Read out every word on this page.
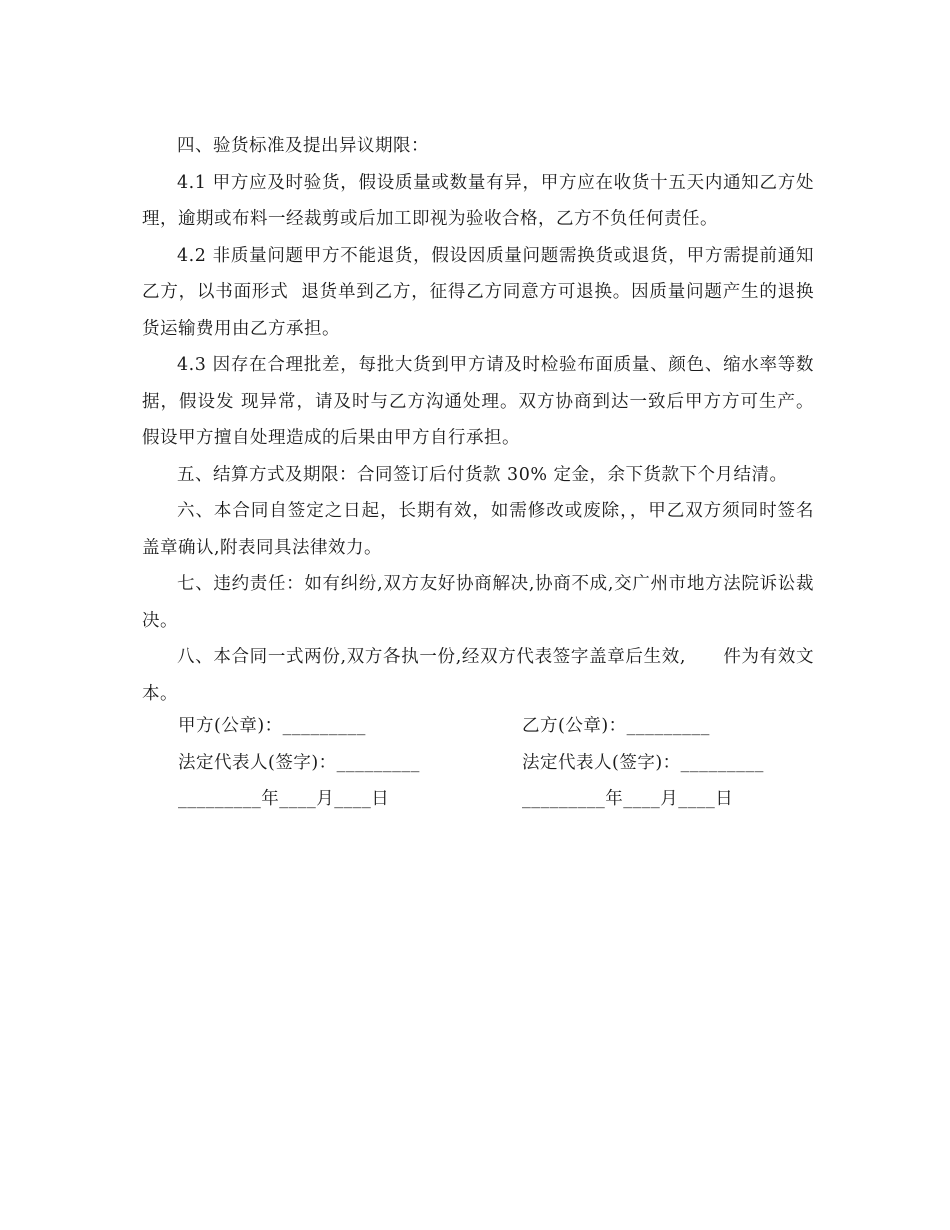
四、验货标准及提出异议期限：

4.1 甲方应及时验货，假设质量或数量有异，甲方应在收货十五天内通知乙方处理，逾期或布料一经裁剪或后加工即视为验收合格，乙方不负任何责任。

4.2 非质量问题甲方不能退货，假设因质量问题需换货或退货，甲方需提前通知乙方，以书面形式  退货单到乙方，征得乙方同意方可退换。因质量问题产生的退换货运输费用由乙方承担。

4.3 因存在合理批差，每批大货到甲方请及时检验布面质量、颜色、缩水率等数据，假设发 现异常，请及时与乙方沟通处理。双方协商到达一致后甲方方可生产。假设甲方擅自处理造成的后果由甲方自行承担。

五、结算方式及期限：合同签订后付货款 30% 定金，余下货款下个月结清。

六、本合同自签定之日起，长期有效，如需修改或废除，，甲乙双方须同时签名盖章确认,附表同具法律效力。

七、违约责任：如有纠纷,双方友好协商解决,协商不成,交广州市地方法院诉讼裁决。

八、本合同一式两份,双方各执一份,经双方代表签字盖章后生效,      件为有效文本。

甲方(公章)：_________	乙方(公章)：_________
法定代表人(签字)：_________	法定代表人(签字)：_________
_________年____月____日	_________年____月____日
